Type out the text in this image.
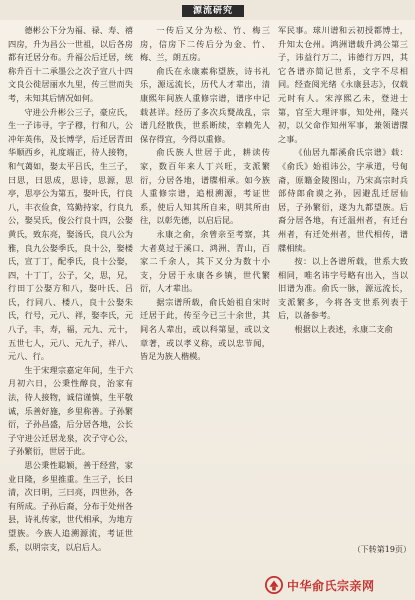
源流研究

德彬公下分为福、禄、寿、禧四房，升为昌公一世祖，以后各房都有迁居分布。升福公后迁居，统称升百十二承墨公之次子宣八十四文良公徙居丽水九里，传三世而失考，未知其后情况如何。

守进公升彬公三子，豪应氏，生一子讳寻，字子穆，行和八，公冲年英伟，及长博学，后迁居青田华顺西乡，礼度端正，待人接物，和气蔼如，娶太平吕氏，生三子，曰思，曰思成，思诗，思源，思亭，思亭公为第五，娶叶氏，行良八，丰衣俭食，笃勤持家，行良九公，娶吴氏，俊公行良十四，公娶黄氏，致东亮，娶汤氏，良八公为雅，良九公娶季氏，良十公，娶楼氏，宣丁丁，配季氏，良十公娶，四，十丁丁，公子，父，思，兄，行田丁公娶方和八，娶叶氏、吕氏，行同八、楼八，良十公娶朱氏，行号，元八、祥，娶李氏，元八子，丰，寿，福，元九、元十，五世七人，元八、元九子，祥八、元八、行。

生于宋理宗嘉定年间，生于六月初六日，公秉性醇良，治家有法，待人接物，诚信谨慎，生平敬诚，乐善好施，乡里称善。子孙繁衍，子孙昌盛，后分居各地，公长子守进公迁居龙泉，次子守心公，子孙繁衍，世居于此。

思公秉性聪颖，善于经营，家业日隆，乡里推重。生三子，长曰清，次曰明，三曰亮，四世孙，各有所成。子孙后裔，分布于处州各县，诗礼传家，世代相承，为地方望族。今族人追溯源流，考证世系，以明宗支，以启后人。

一传后又分为松、竹、梅三房，信房下二传后分为金、竹、梅、兰，朗五房。

俞氏在永康素称望族，诗书礼乐，源远流长，历代人才辈出，清康熙年间族人重修宗谱，谱序中记载甚详。经历了多次兵燹战乱，宗谱几经散佚，世系断续，幸赖先人保存得宜，今得以重修。

俞氏族人世居于此，耕读传家，数百年来人丁兴旺，支派繁衍，分居各地，谱牒相承。如今族人重修宗谱，追根溯源，考证世系，使后人知其所自来，明其所由往，以彰先德，以启后昆。

永康之俞，余曾亲至考察，其大者莫过于溪口、鸿洲、青山，百家二千余人，其下又分为数十小支，分居于永康各乡镇，世代繁衍，人才辈出。

据宗谱所载，俞氏始祖自宋时迁居于此，传至今已三十余世，其间名人辈出，或以科第显，或以文章著，或以孝义称，或以忠节闻，皆足为族人楷模。

军民事。球川谱和云初授都博士，升知太仓州。鸿洲谱载升鸿公第三子，讳益行万二，讳德行万四，其它各谱亦简记世系，文字不尽相同。经查阅光绪《永康县志》，仅载元时有人。宋淳熙乙未，登进士第，官至大理评事，知处州，隆兴初，以父命作知州军事，兼领谱牒之事。

《仙居九都溪俞氏宗谱》载：《俞氏》始祖讳公，字承道，号甸斋，原籍金陵图山，乃宋高宗时兵部侍郎俞谟之孙，因避乱迁居仙居，子孙繁衍，遂为九都望族。后裔分居各地，有迁温州者，有迁台州者，有迁处州者，世代相传，谱牒相续。

按：以上各谱所载，世系大致相同，唯名讳字号略有出入，当以旧谱为准。俞氏一脉，源远流长，支派繁多，今将各支世系列表于后，以备参考。

根据以上表述，永康二支俞

（下转第19页）
中华俞氏宗亲网
